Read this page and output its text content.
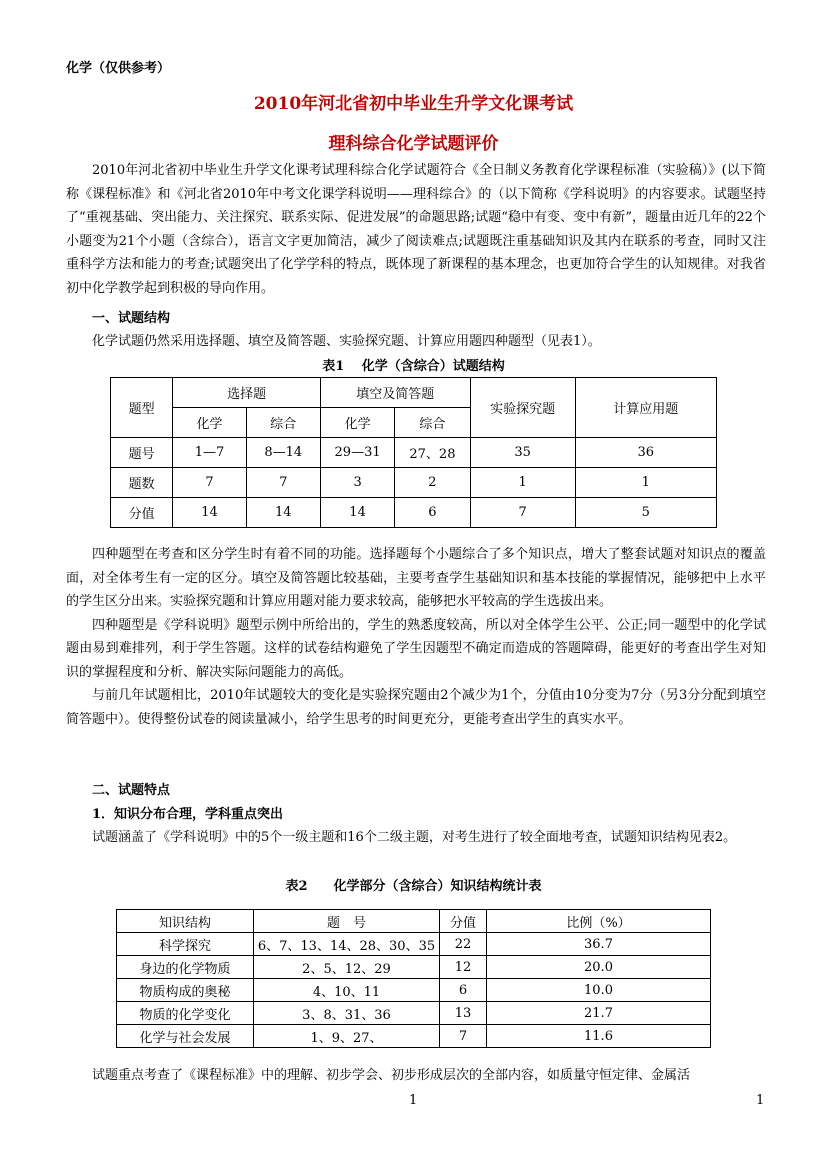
化学（仅供参考）
2010年河北省初中毕业生升学文化课考试
理科综合化学试题评价

2010年河北省初中毕业生升学文化课考试理科综合化学试题符合《全日制义务教育化学课程标准（实验稿）》(以下简称《课程标准》和《河北省2010年中考文化课学科说明——理科综合》的（以下简称《学科说明》的内容要求。试题坚持了“重视基础、突出能力、关注探究、联系实际、促进发展”的命题思路;试题“稳中有变、变中有新”，题量由近几年的22个小题变为21个小题（含综合），语言文字更加简洁，减少了阅读难点;试题既注重基础知识及其内在联系的考查，同时又注重科学方法和能力的考查;试题突出了化学学科的特点，既体现了新课程的基本理念，也更加符合学生的认知规律。对我省初中化学教学起到积极的导向作用。

一、试题结构

化学试题仍然采用选择题、填空及简答题、实验探究题、计算应用题四种题型（见表1）。

表1　 化学（含综合）试题结构
题型	选择题		填空及简答题		实验探究题	计算应用题
	化学	综合	化学	综合		
题号	1—7	8—14	29—31	27、28	35	36
题数	7	7	3	2	1	1
分值	14	14	14	6	7	5

四种题型在考查和区分学生时有着不同的功能。选择题每个小题综合了多个知识点，增大了整套试题对知识点的覆盖面，对全体考生有一定的区分。填空及简答题比较基础，主要考查学生基础知识和基本技能的掌握情况，能够把中上水平的学生区分出来。实验探究题和计算应用题对能力要求较高，能够把水平较高的学生选拔出来。

四种题型是《学科说明》题型示例中所给出的，学生的熟悉度较高，所以对全体学生公平、公正;同一题型中的化学试题由易到难排列，利于学生答题。这样的试卷结构避免了学生因题型不确定而造成的答题障碍，能更好的考查出学生对知识的掌握程度和分析、解决实际问题能力的高低。

与前几年试题相比，2010年试题较大的变化是实验探究题由2个减少为1个，分值由10分变为7分（另3分分配到填空简答题中）。使得整份试卷的阅读量减小，给学生思考的时间更充分，更能考查出学生的真实水平。

二、试题特点
1．知识分布合理，学科重点突出

试题涵盖了《学科说明》中的5个一级主题和16个二级主题，对考生进行了较全面地考查，试题知识结构见表2。

表2　　化学部分（含综合）知识结构统计表
知识结构	题　号	分值	比例（%）
科学探究	6、7、13、14、28、30、35	22	36.7
身边的化学物质	2、5、12、29	12	20.0
物质构成的奥秘	4、10、11	6	10.0
物质的化学变化	3、8、31、36	13	21.7
化学与社会发展	1、9、27、	7	11.6

试题重点考查了《课程标准》中的理解、初步学会、初步形成层次的全部内容，如质量守恒定律、金属活

1	1
